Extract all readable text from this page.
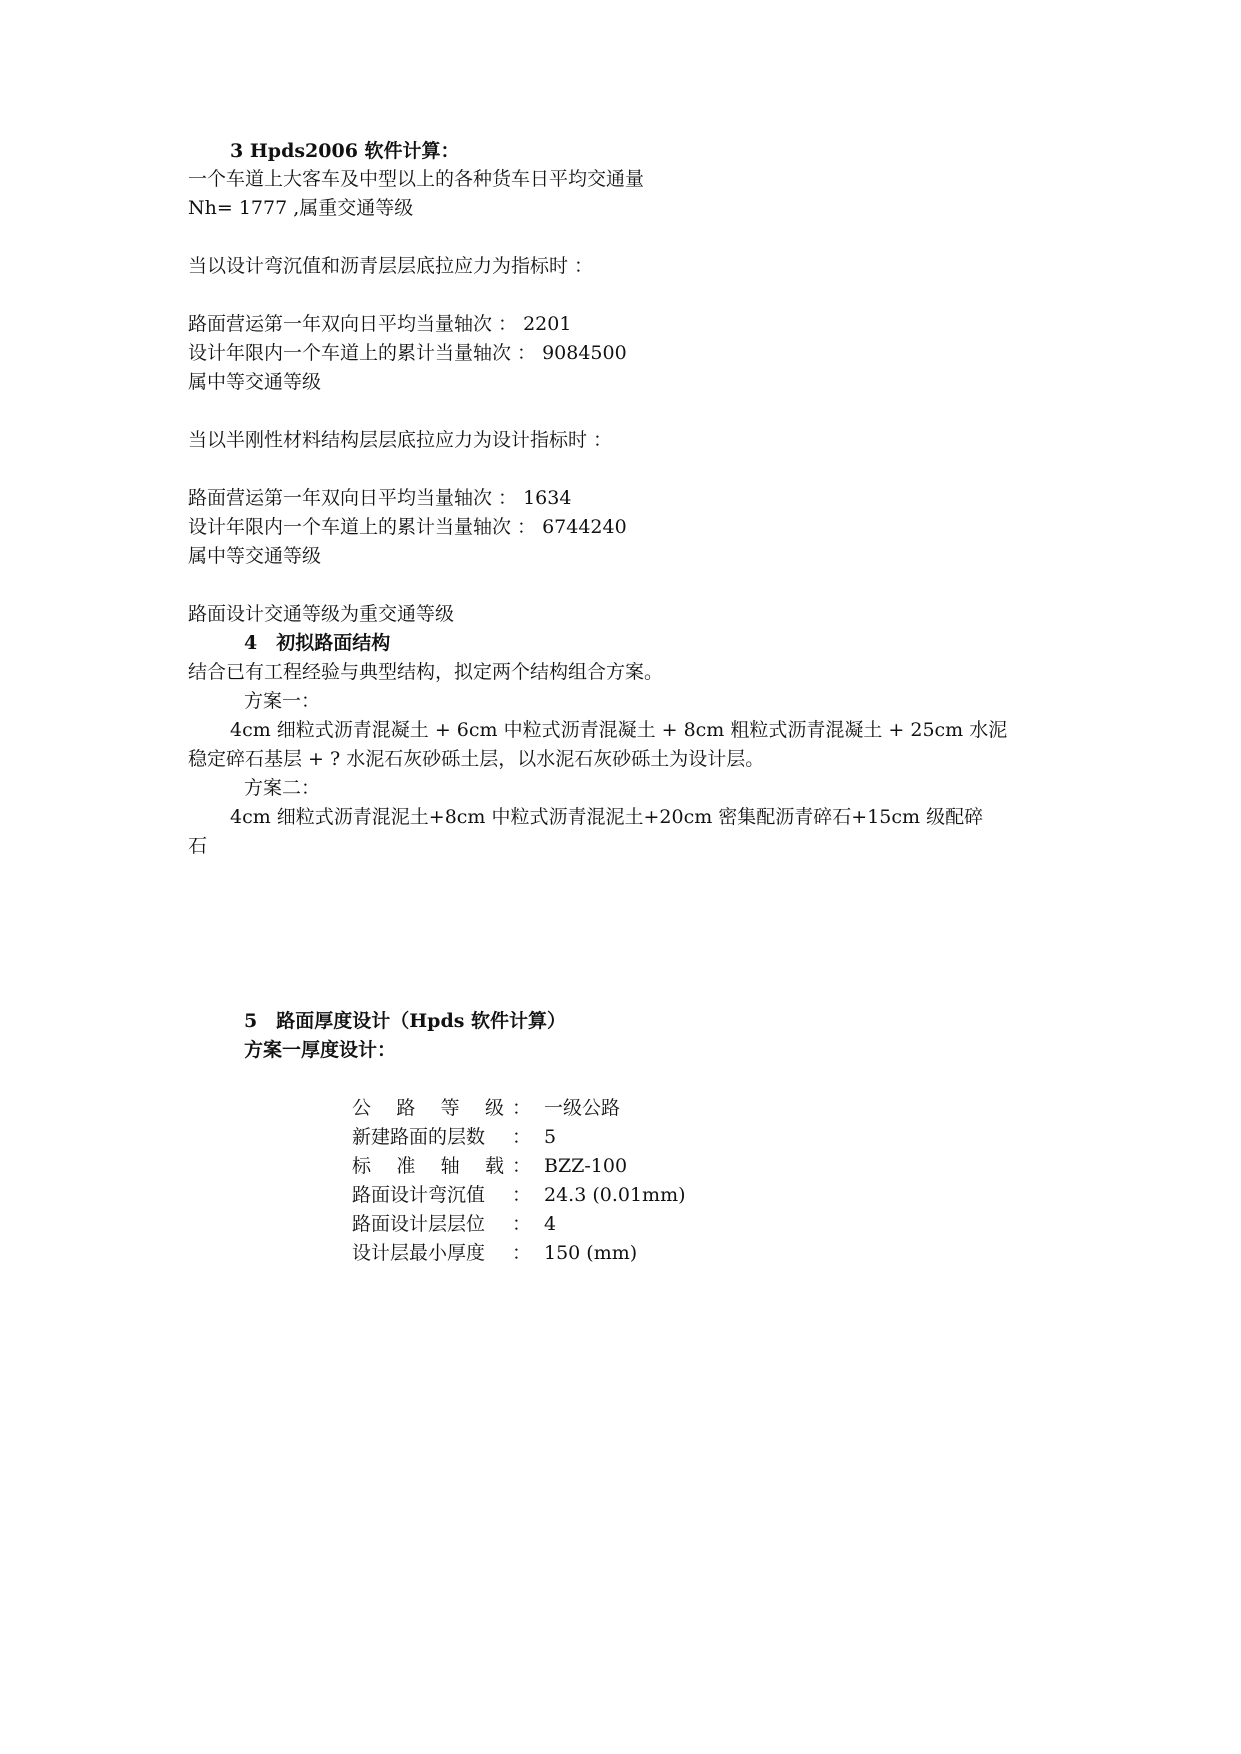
3 Hpds2006 软件计算：
一个车道上大客车及中型以上的各种货车日平均交通量
Nh= 1777 ,属重交通等级
当以设计弯沉值和沥青层层底拉应力为指标时 ：
路面营运第一年双向日平均当量轴次 ： 2201
设计年限内一个车道上的累计当量轴次 ： 9084500
属中等交通等级
当以半刚性材料结构层层底拉应力为设计指标时 ：
路面营运第一年双向日平均当量轴次 ： 1634
设计年限内一个车道上的累计当量轴次 ： 6744240
属中等交通等级
路面设计交通等级为重交通等级
4　初拟路面结构
结合已有工程经验与典型结构，拟定两个结构组合方案。
方案一：
4cm 细粒式沥青混凝土 + 6cm 中粒式沥青混凝土 + 8cm 粗粒式沥青混凝土 + 25cm 水泥
稳定碎石基层 + ? 水泥石灰砂砾土层，以水泥石灰砂砾土为设计层。
方案二：
4cm 细粒式沥青混泥土+8cm 中粒式沥青混泥土+20cm 密集配沥青碎石+15cm 级配碎
石
5　路面厚度设计（Hpds 软件计算）
方案一厚度设计：
公 路 等 级 ： 一级公路
新建路面的层数	： 5
标 准 轴 载 ： BZZ-100
路面设计弯沉值	： 24.3 (0.01mm)
路面设计层层位	： 4
设计层最小厚度	： 150 (mm)
